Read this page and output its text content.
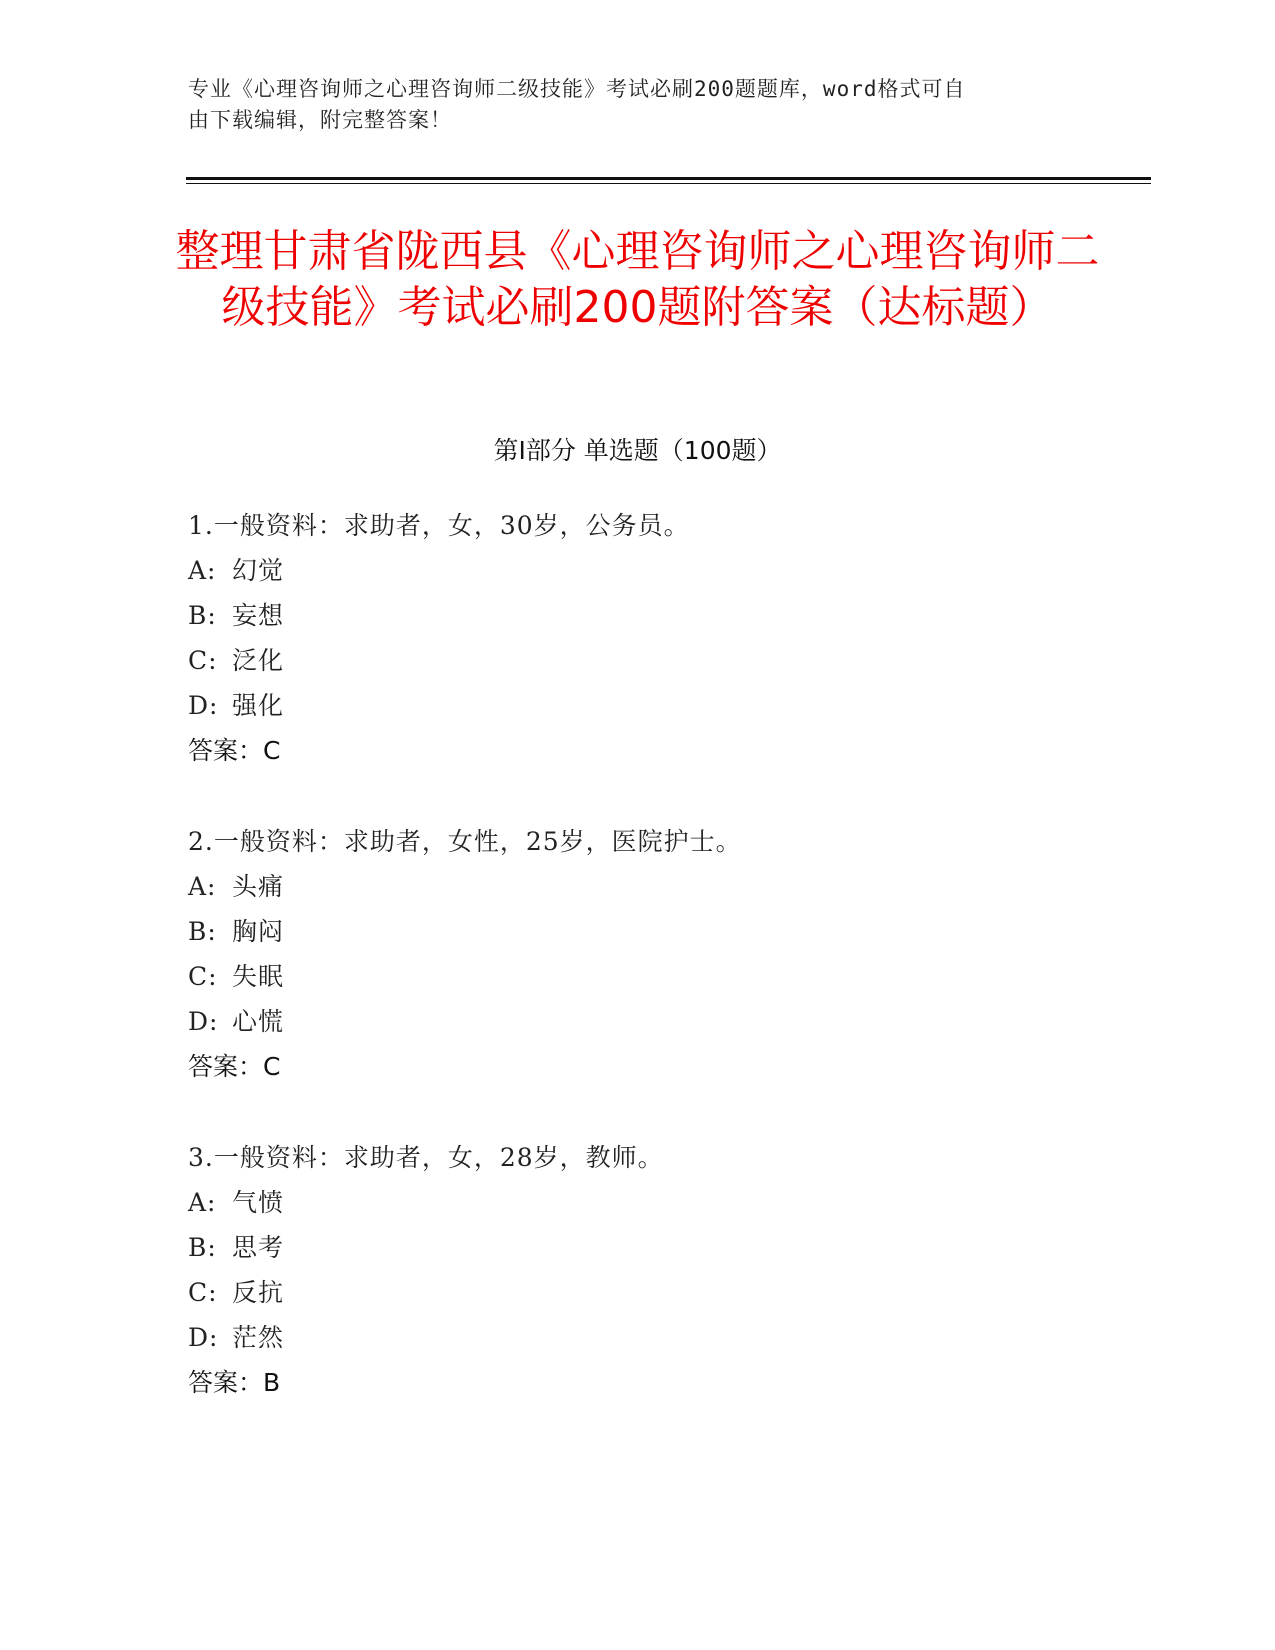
专业《心理咨询师之心理咨询师二级技能》考试必刷200题题库，word格式可自
由下载编辑，附完整答案！
整理甘肃省陇西县《心理咨询师之心理咨询师二级技能》考试必刷200题附答案（达标题）
第Ⅰ部分 单选题（100题）
1.一般资料：求助者，女，30岁，公务员。
A: 幻觉
B: 妄想
C: 泛化
D: 强化
答案：C
2.一般资料：求助者，女性，25岁，医院护士。
A: 头痛
B: 胸闷
C: 失眠
D: 心慌
答案：C
3.一般资料：求助者，女，28岁，教师。
A: 气愤
B: 思考
C: 反抗
D: 茫然
答案：B
